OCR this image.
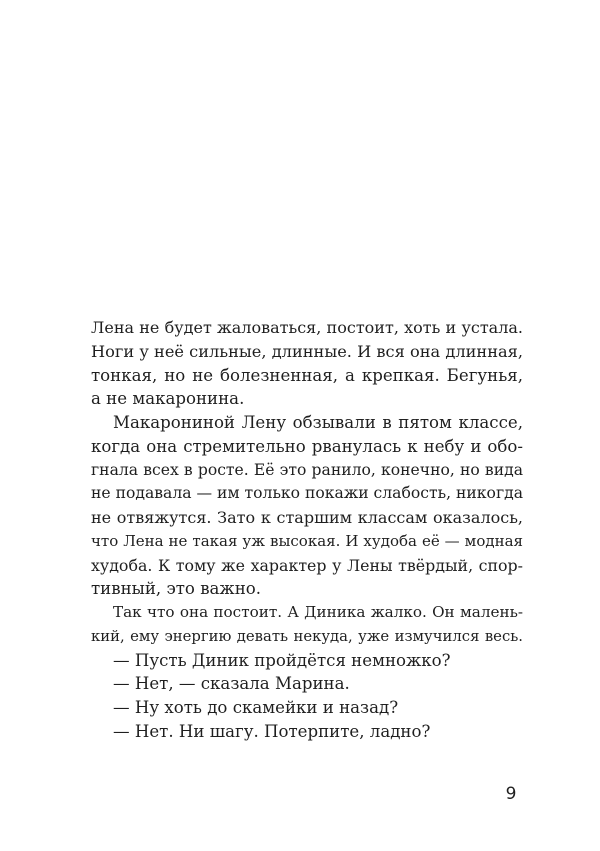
Лена не будет жаловаться, постоит, хоть и устала.
Ноги у неё сильные, длинные. И вся она длинная,
тонкая, но не болезненная, а крепкая. Бегунья,
а не макаронина.
Макарониной Лену обзывали в пятом классе,
когда она стремительно рванулась к небу и обо-
гнала всех в росте. Её это ранило, конечно, но вида
не подавала — им только покажи слабость, никогда
не отвяжутся. Зато к старшим классам оказалось,
что Лена не такая уж высокая. И худоба её — модная
худоба. К тому же характер у Лены твёрдый, спор-
тивный, это важно.
Так что она постоит. А Диника жалко. Он малень-
кий, ему энергию девать некуда, уже измучился весь.
— Пусть Диник пройдётся немножко?
— Нет, — сказала Марина.
— Ну хоть до скамейки и назад?
— Нет. Ни шагу. Потерпите, ладно?
9
